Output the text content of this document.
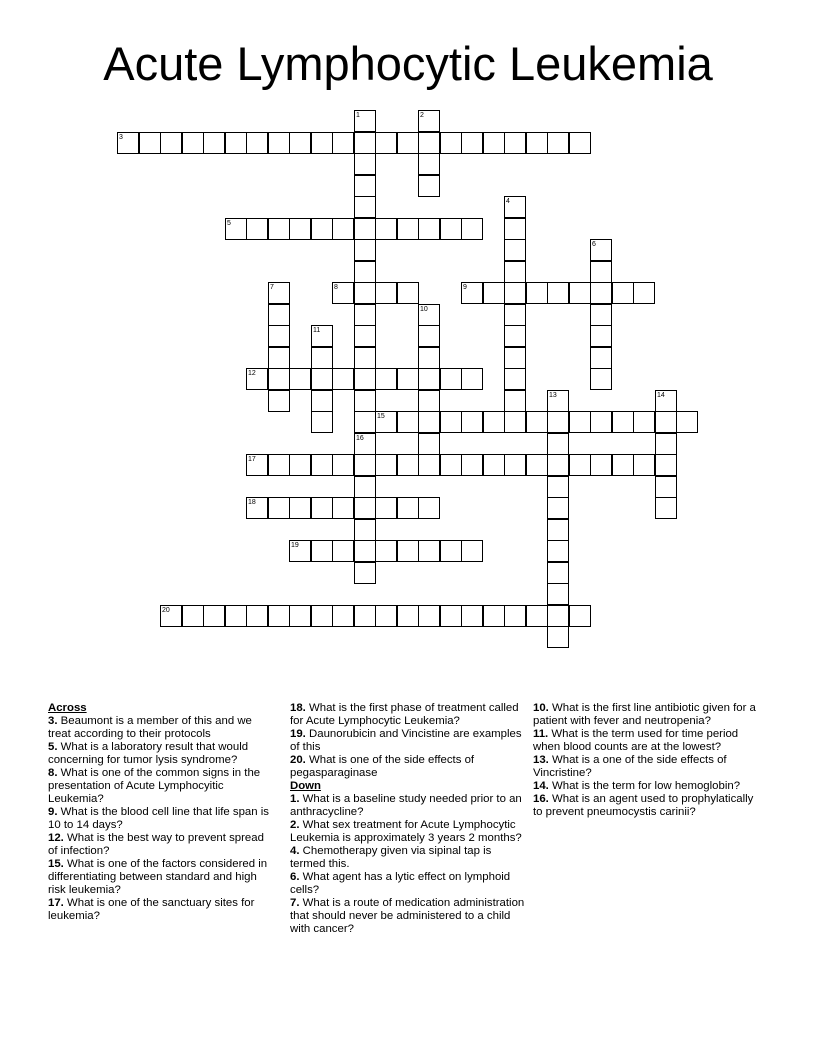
Acute Lymphocytic Leukemia
1
16
2
3
4
5
6
7	8	9
10
11
12
13	14
15
17
18
19
20
Across

3. Beaumont is a member of this and we treat according to their protocols

5. What is a laboratory result that would concerning for tumor lysis syndrome?

8. What is one of the common signs in the presentation of Acute Lymphocyitic Leukemia?

9. What is the blood cell line that life span is 10 to 14 days?

12. What is the best way to prevent spread of infection?

15. What is one of the factors considered in differentiating between standard and high risk leukemia?

17. What is one of the sanctuary sites for leukemia?

18. What is the first phase of treatment called for Acute Lymphocytic Leukemia?

19. Daunorubicin and Vincistine are examples of this

20. What is one of the side effects of pegasparaginase

Down

1. What is a baseline study needed prior to an anthracycline?

2. What sex treatment for Acute Lymphocytic Leukemia is approximately 3 years 2 months?

4. Chemotherapy given via sipinal tap is termed this.

6. What agent has a lytic effect on lymphoid cells?

7. What is a route of medication administration that should never be administered to a child with cancer?

10. What is the first line antibiotic given for a patient with fever and neutropenia?

11. What is the term used for time period when blood counts are at the lowest?

13. What is a one of the side effects of Vincristine?

14. What is the term for low hemoglobin?

16. What is an agent used to prophylatically to prevent pneumocystis carinii?
